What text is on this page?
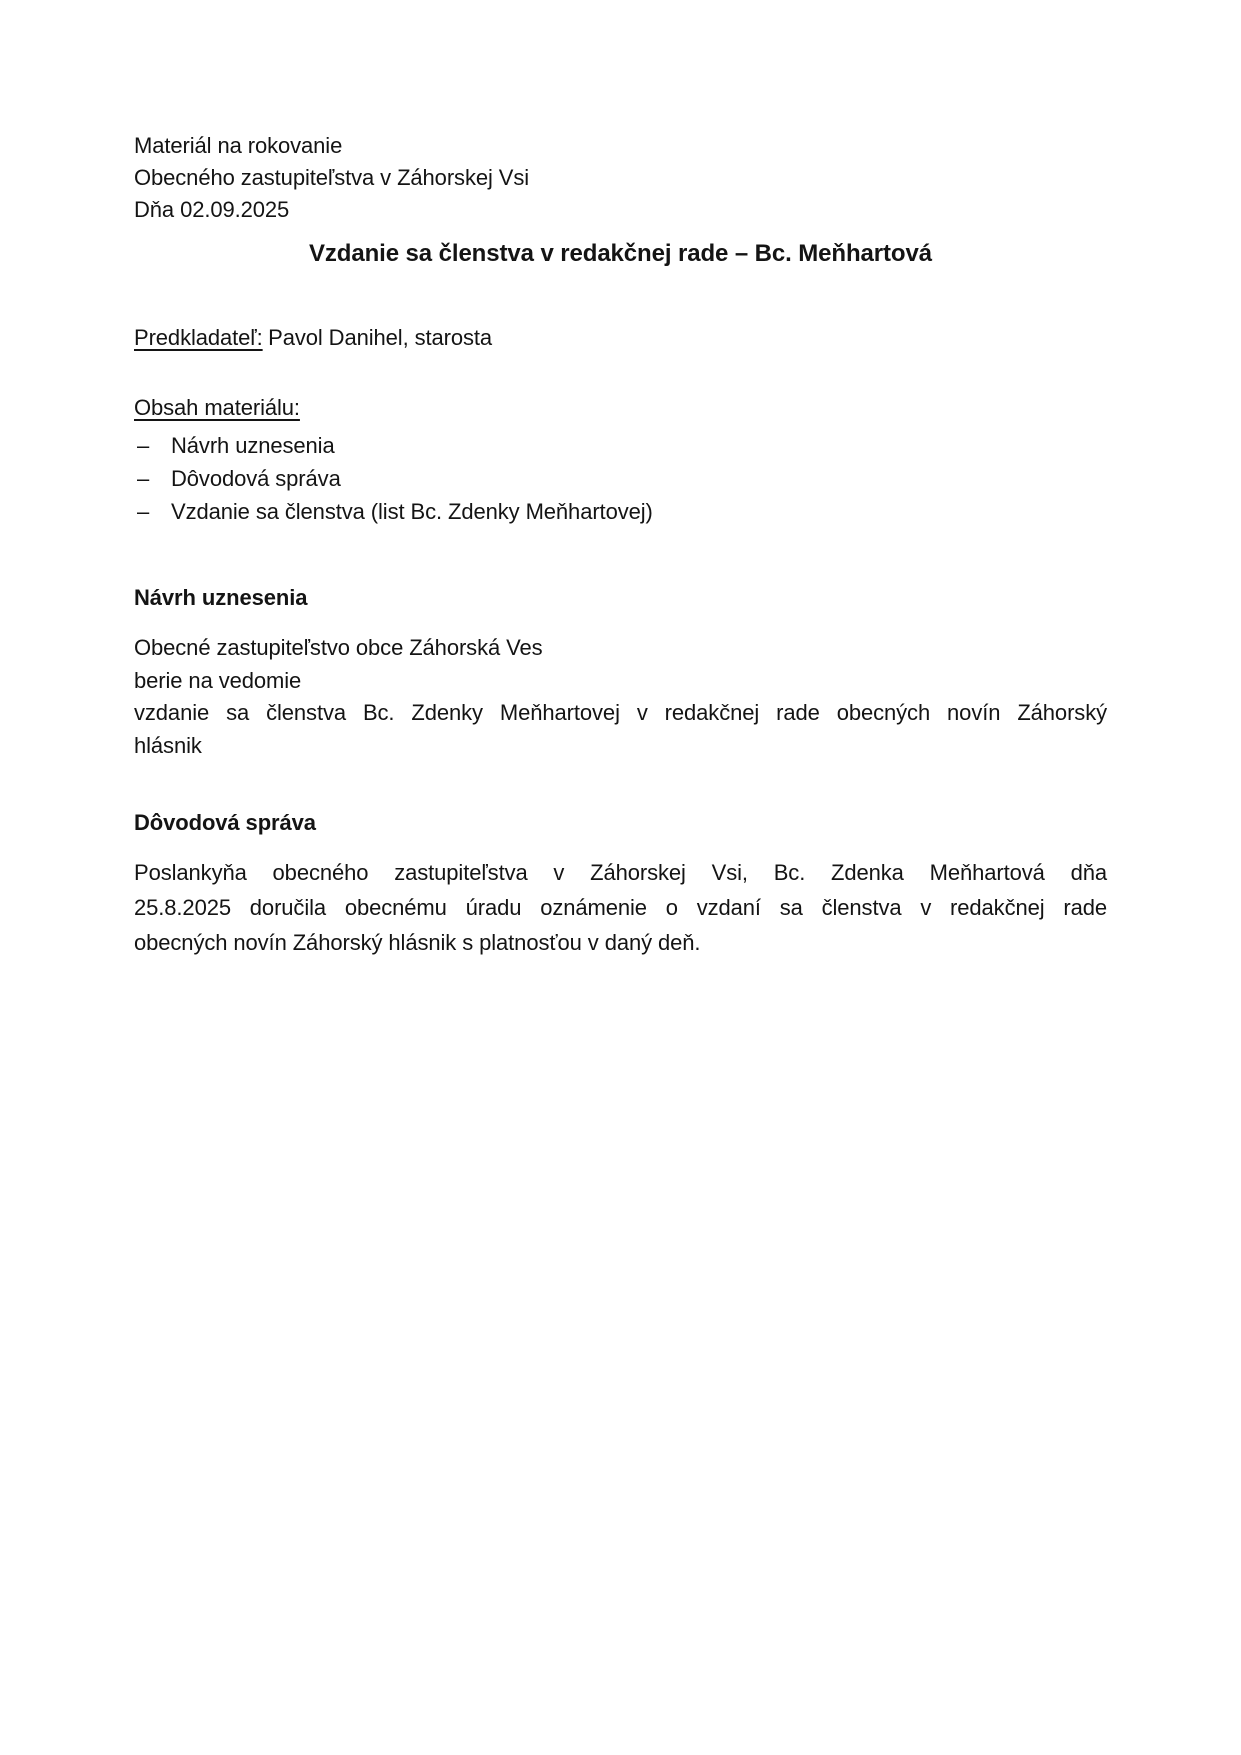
Materiál na rokovanie
Obecného zastupiteľstva v Záhorskej Vsi
Dňa 02.09.2025
Vzdanie sa členstva v redakčnej rade – Bc. Meňhartová

Predkladateľ: Pavol Danihel, starosta

Obsah materiálu:

– Návrh uznesenia
– Dôvodová správa
– Vzdanie sa členstva (list Bc. Zdenky Meňhartovej)
Návrh uznesenia
Obecné zastupiteľstvo obce Záhorská Ves
berie na vedomie
vzdanie sa členstva Bc. Zdenky Meňhartovej v redakčnej rade obecných novín Záhorský
hlásnik
Dôvodová správa
Poslankyňa obecného zastupiteľstva v Záhorskej Vsi, Bc. Zdenka Meňhartová dňa
25.8.2025 doručila obecnému úradu oznámenie o vzdaní sa členstva v redakčnej rade
obecných novín Záhorský hlásnik s platnosťou v daný deň.
